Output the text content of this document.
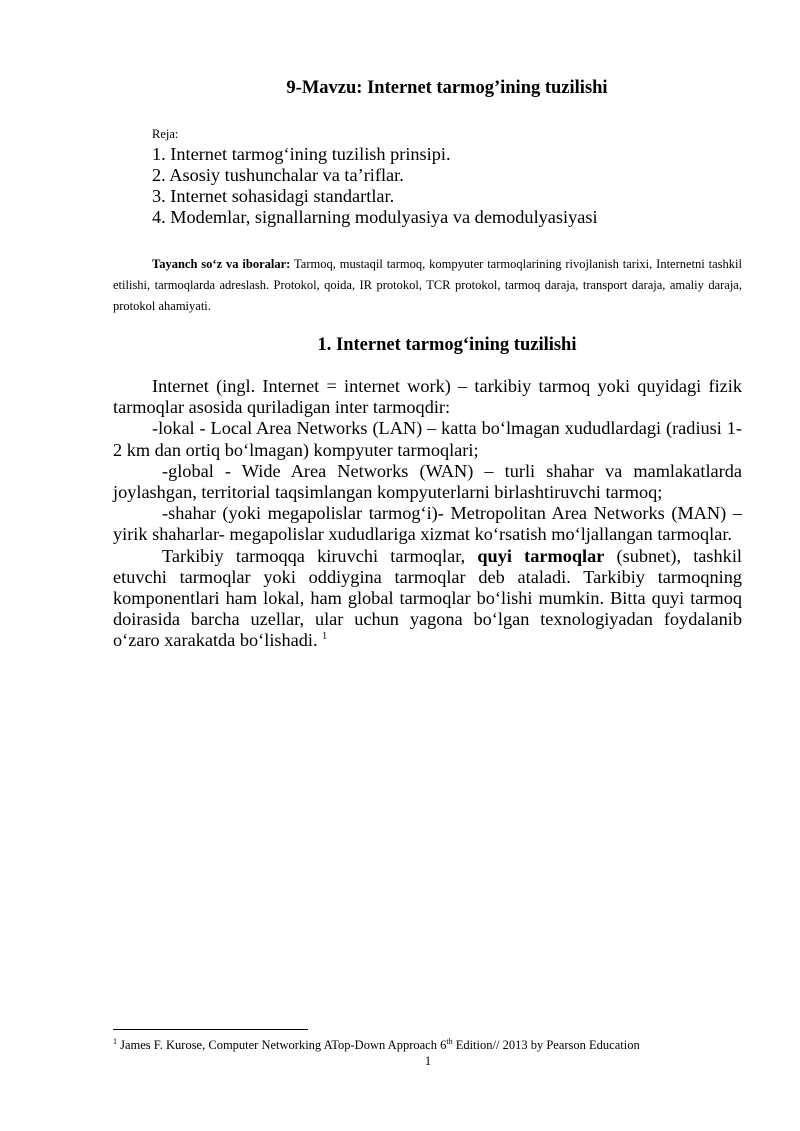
9-Mavzu: Internet tarmog’ining tuzilishi

Reja:

1. Internet tarmog‘ining tuzilish prinsipi.
2. Asosiy tushunchalar va ta’riflar.
3. Internet sohasidagi standartlar.
4. Modemlar, signallarning modulyasiya va demodulyasiyasi

Tayanch so‘z va iboralar: Tarmoq, mustaqil tarmoq, kompyuter tarmoqlarining rivojlanish tarixi, Internetni tashkil etilishi, tarmoqlarda adreslash. Protokol, qoida, IR protokol, TCR protokol, tarmoq daraja, transport daraja, amaliy daraja, protokol ahamiyati.

1. Internet tarmog‘ining tuzilishi

Internet (ingl. Internet = internet work) – tarkibiy tarmoq yoki quyidagi fizik tarmoqlar asosida quriladigan inter tarmoqdir:

-lokal - Local Area Networks (LAN) – katta bo‘lmagan xududlardagi (radiusi 1-2 km dan ortiq bo‘lmagan) kompyuter tarmoqlari;

-global - Wide Area Networks (WAN) – turli shahar va mamlakatlarda joylashgan, territorial taqsimlangan kompyuterlarni birlashtiruvchi tarmoq;

-shahar (yoki megapolislar tarmog‘i)- Metropolitan Area Networks (MAN) – yirik shaharlar- megapolislar xududlariga xizmat ko‘rsatish mo‘ljallangan tarmoqlar.

Tarkibiy tarmoqqa kiruvchi tarmoqlar, quyi tarmoqlar (subnet), tashkil etuvchi tarmoqlar yoki oddiygina tarmoqlar deb ataladi. Tarkibiy tarmoqning komponentlari ham lokal, ham global tarmoqlar bo‘lishi mumkin. Bitta quyi tarmoq doirasida barcha uzellar, ular uchun yagona bo‘lgan texnologiyadan foydalanib o‘zaro xarakatda bo‘lishadi. $^1$

$^1$ James F. Kurose, Computer Networking ATop-Down Approach 6th Edition// 2013 by Pearson Education

1
